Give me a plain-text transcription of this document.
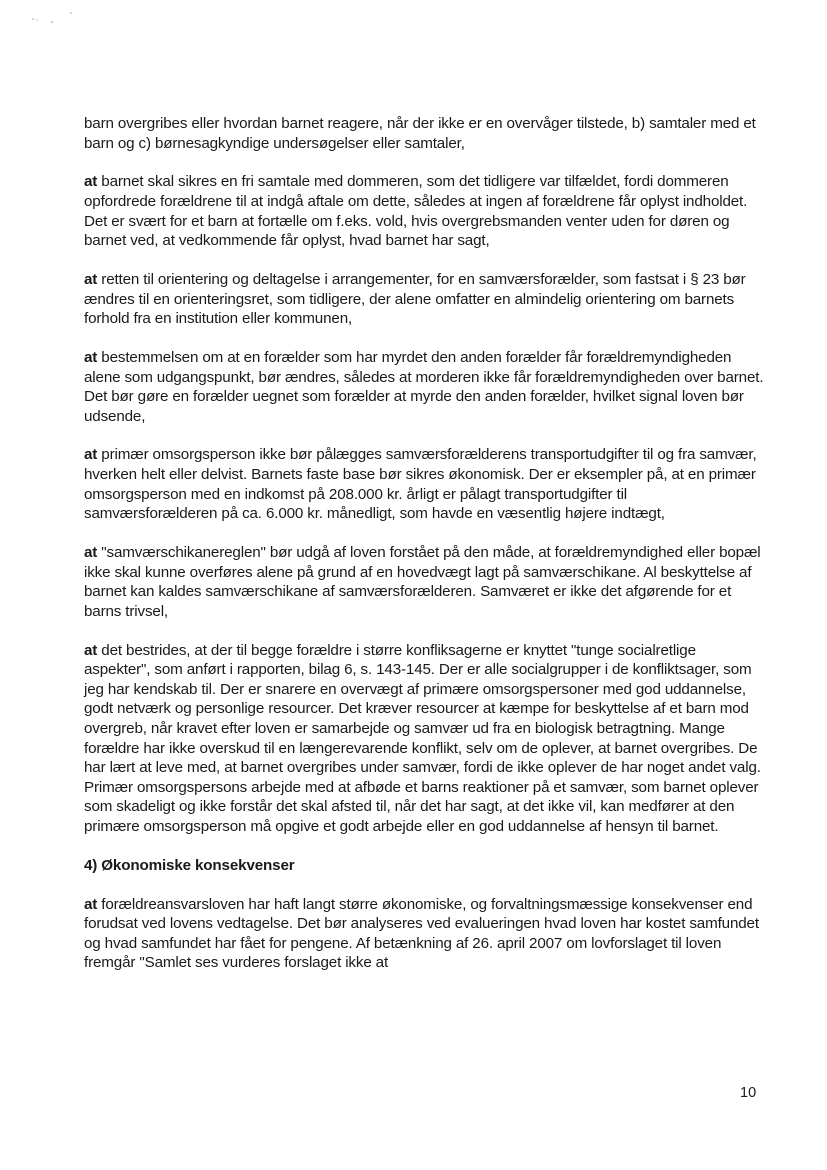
barn overgribes eller hvordan barnet reagere, når der ikke er en overvåger tilstede, b) samtaler med et barn og c) børnesagkyndige undersøgelser eller samtaler,

at barnet skal sikres en fri samtale med dommeren, som det tidligere var tilfældet, fordi dommeren opfordrede forældrene til at indgå aftale om dette, således at ingen af forældrene får oplyst indholdet. Det er svært for et barn at fortælle om f.eks. vold, hvis overgrebsmanden venter uden for døren og barnet ved, at vedkommende får oplyst, hvad barnet har sagt,

at retten til orientering og deltagelse i arrangementer, for en samværsforælder, som fastsat i § 23 bør ændres til en orienteringsret, som tidligere, der alene omfatter en almindelig orientering om barnets forhold fra en institution eller kommunen,

at bestemmelsen om at en forælder som har myrdet den anden forælder får forældremyndigheden alene som udgangspunkt, bør ændres, således at morderen ikke får forældremyndigheden over barnet. Det bør gøre en forælder uegnet som forælder at myrde den anden forælder, hvilket signal loven bør udsende,

at primær omsorgsperson ikke bør pålægges samværsforælderens transportudgifter til og fra samvær, hverken helt eller delvist. Barnets faste base bør sikres økonomisk. Der er eksempler på, at en primær omsorgsperson med en indkomst på 208.000 kr. årligt er pålagt transportudgifter til samværsforælderen på ca. 6.000 kr. månedligt, som havde en væsentlig højere indtægt,

at "samværschikanereglen" bør udgå af loven forstået på den måde, at forældremyndighed eller bopæl ikke skal kunne overføres alene på grund af en hovedvægt lagt på samværschikane. Al beskyttelse af barnet kan kaldes samværschikane af samværsforælderen. Samværet er ikke det afgørende for et barns trivsel,

at det bestrides, at der til begge forældre i større konfliksagerne er knyttet "tunge socialretlige aspekter", som anført i rapporten, bilag 6, s. 143-145. Der er alle socialgrupper i de konfliktsager, som jeg har kendskab til. Der er snarere en overvægt af primære omsorgspersoner med god uddannelse, godt netværk og personlige resourcer. Det kræver resourcer at kæmpe for beskyttelse af et barn mod overgreb, når kravet efter loven er samarbejde og samvær ud fra en biologisk betragtning. Mange forældre har ikke overskud til en længerevarende konflikt, selv om de oplever, at barnet overgribes. De har lært at leve med, at barnet overgribes under samvær, fordi de ikke oplever de har noget andet valg. Primær omsorgspersons arbejde med at afbøde et barns reaktioner på et samvær, som barnet oplever som skadeligt og ikke forstår det skal afsted til, når det har sagt, at det ikke vil, kan medfører at den primære omsorgsperson må opgive et godt arbejde eller en god uddannelse af hensyn til barnet.

4) Økonomiske konsekvenser

at forældreansvarsloven har haft langt større økonomiske, og forvaltningsmæssige konsekvenser end forudsat ved lovens vedtagelse. Det bør analyseres ved evalueringen hvad loven har kostet samfundet og hvad samfundet har fået for pengene. Af betænkning af 26. april 2007 om lovforslaget til loven fremgår "Samlet ses vurderes forslaget ikke at

10
